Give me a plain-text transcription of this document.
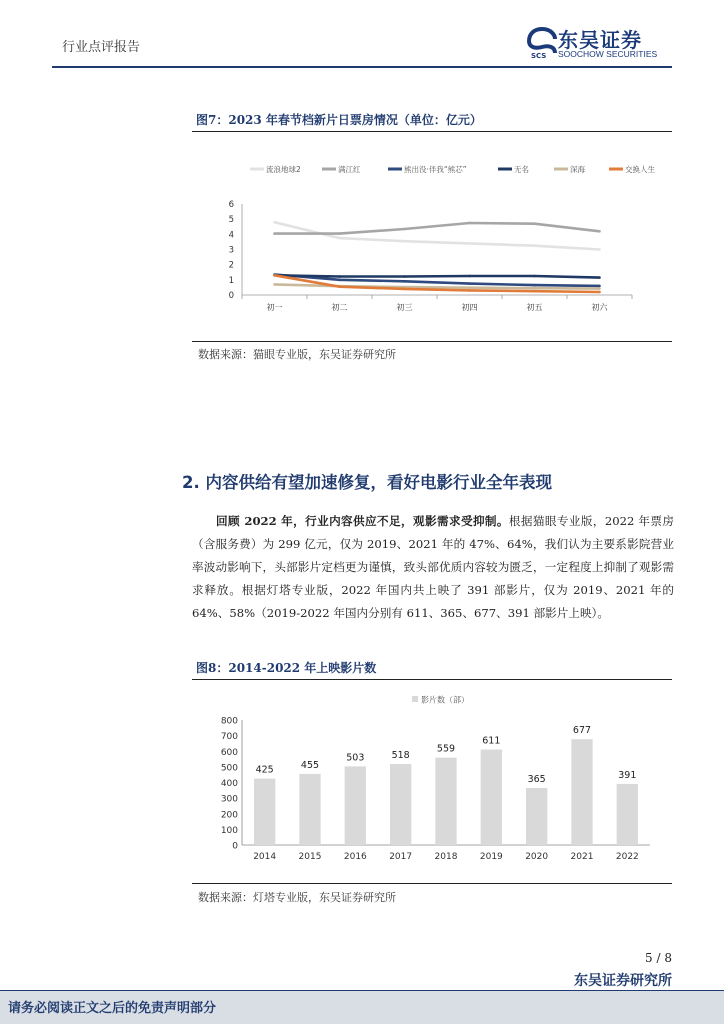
行业点评报告
SCS
东吴证券
SOOCHOW SECURITIES
图7：2023 年春节档新片日票房情况（单位：亿元）
流浪地球2	满江红	熊出没·伴我“熊芯”	无名	深海	交换人生
0
1
2
3
4
5
6
初一	初二	初三	初四	初五	初六
数据来源：猫眼专业版，东吴证券研究所
2. 内容供给有望加速修复，看好电影行业全年表现
回顾 2022 年，行业内容供应不足，观影需求受抑制。根据猫眼专业版，2022 年票房（含服务费）为 299 亿元，仅为 2019、2021 年的 47%、64%，我们认为主要系影院营业率波动影响下，头部影片定档更为谨慎，致头部优质内容较为匮乏，一定程度上抑制了观影需求释放。根据灯塔专业版，2022 年国内共上映了 391 部影片，仅为 2019、2021 年的 64%、58%（2019-2022 年国内分别有 611、365、677、391 部影片上映）。
图8：2014-2022 年上映影片数
影片数（部）
0
100
200
300
400
500
600
700
800
425
2014
455
2015
503
2016
518
2017
559
2018
611
2019
365
2020
677
2021
391
2022
数据来源：灯塔专业版，东吴证券研究所
5 / 8
东吴证券研究所
请务必阅读正文之后的免责声明部分
